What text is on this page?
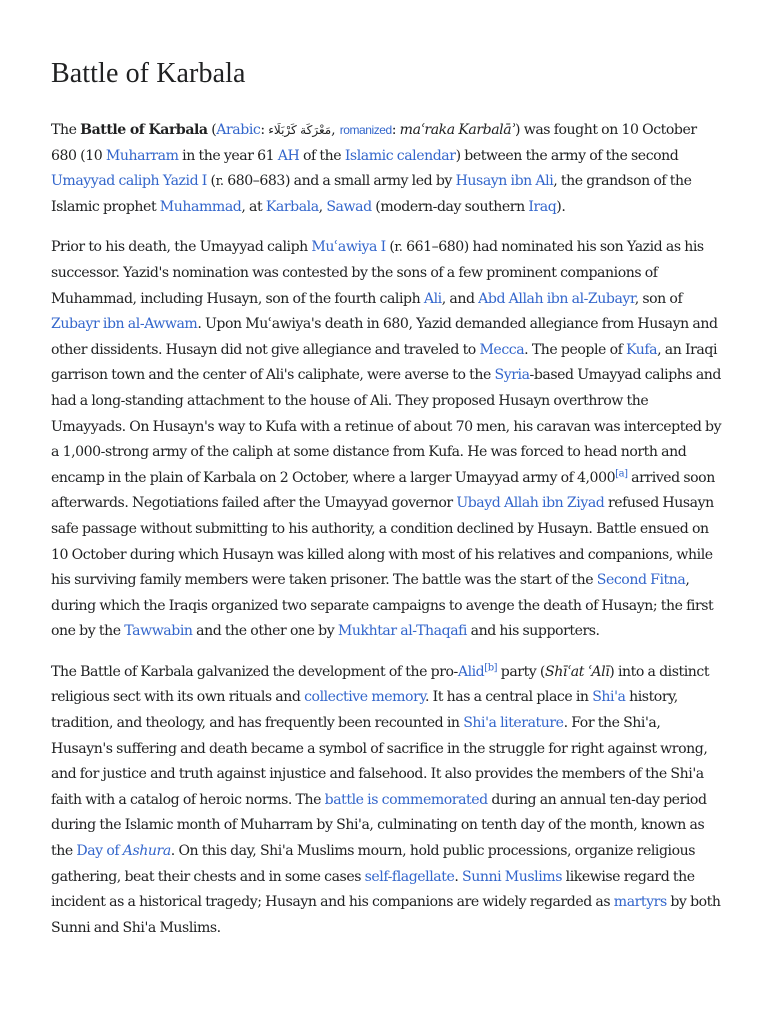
Battle of Karbala

The Battle of Karbala (Arabic: مَعْرَكَة كَرْبَلَاء, romanized: maʿraka Karbalāʾ) was fought on 10 October 680 (10 Muharram in the year 61 AH of the Islamic calendar) between the army of the second Umayyad caliph Yazid I (r. 680–683) and a small army led by Husayn ibn Ali, the grandson of the Islamic prophet Muhammad, at Karbala, Sawad (modern-day southern Iraq).

Prior to his death, the Umayyad caliph Muʿawiya I (r. 661–680) had nominated his son Yazid as his successor. Yazid's nomination was contested by the sons of a few prominent companions of Muhammad, including Husayn, son of the fourth caliph Ali, and Abd Allah ibn al-Zubayr, son of Zubayr ibn al-Awwam. Upon Muʿawiya's death in 680, Yazid demanded allegiance from Husayn and other dissidents. Husayn did not give allegiance and traveled to Mecca. The people of Kufa, an Iraqi garrison town and the center of Ali's caliphate, were averse to the Syria-based Umayyad caliphs and had a long-standing attachment to the house of Ali. They proposed Husayn overthrow the Umayyads. On Husayn's way to Kufa with a retinue of about 70 men, his caravan was intercepted by a 1,000-strong army of the caliph at some distance from Kufa. He was forced to head north and encamp in the plain of Karbala on 2 October, where a larger Umayyad army of 4,000[a] arrived soon afterwards. Negotiations failed after the Umayyad governor Ubayd Allah ibn Ziyad refused Husayn safe passage without submitting to his authority, a condition declined by Husayn. Battle ensued on 10 October during which Husayn was killed along with most of his relatives and companions, while his surviving family members were taken prisoner. The battle was the start of the Second Fitna, during which the Iraqis organized two separate campaigns to avenge the death of Husayn; the first one by the Tawwabin and the other one by Mukhtar al-Thaqafi and his supporters.

The Battle of Karbala galvanized the development of the pro-Alid[b] party (Shīʿat ʿAlī) into a distinct religious sect with its own rituals and collective memory. It has a central place in Shi'a history, tradition, and theology, and has frequently been recounted in Shi'a literature. For the Shi'a, Husayn's suffering and death became a symbol of sacrifice in the struggle for right against wrong, and for justice and truth against injustice and falsehood. It also provides the members of the Shi'a faith with a catalog of heroic norms. The battle is commemorated during an annual ten-day period during the Islamic month of Muharram by Shi'a, culminating on tenth day of the month, known as the Day of Ashura. On this day, Shi'a Muslims mourn, hold public processions, organize religious gathering, beat their chests and in some cases self-flagellate. Sunni Muslims likewise regard the incident as a historical tragedy; Husayn and his companions are widely regarded as martyrs by both Sunni and Shi'a Muslims.
